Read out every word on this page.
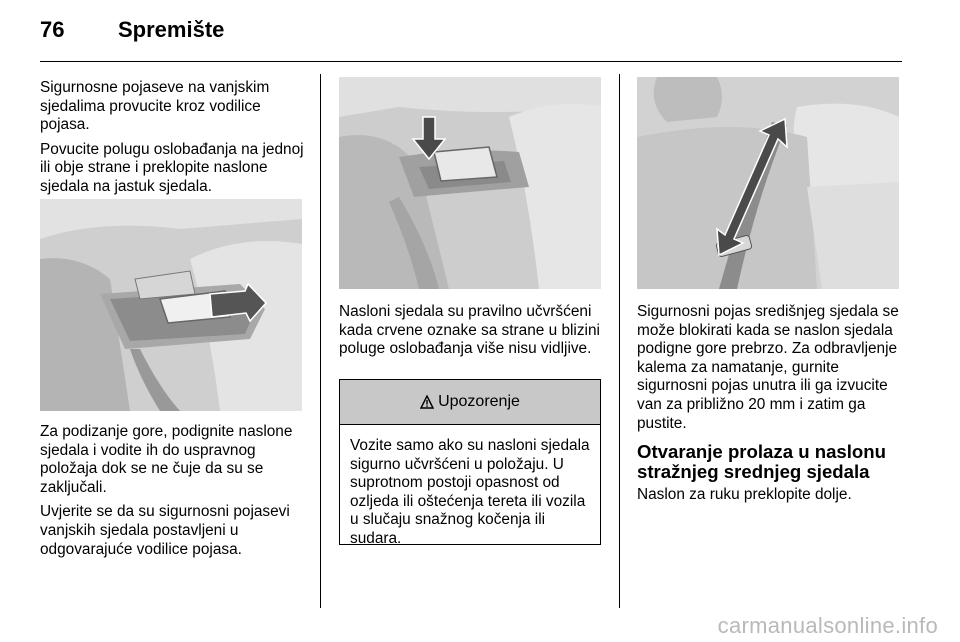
76 Spremište

Sigurnosne pojaseve na vanjskim sjedalima provucite kroz vodilice pojasa.

Povucite polugu oslobađanja na jednoj ili obje strane i preklopite naslone sjedala na jastuk sjedala.

Za podizanje gore, podignite naslone sjedala i vodite ih do uspravnog položaja dok se ne čuje da su se zaključali.

Uvjerite se da su sigurnosni pojasevi vanjskih sjedala postavljeni u odgovarajuće vodilice pojasa.

Nasloni sjedala su pravilno učvršćeni kada crvene oznake sa strane u blizini poluge oslobađanja više nisu vidljive.

Upozorenje
Vozite samo ako su nasloni sjedala sigurno učvršćeni u položaju. U suprotnom postoji opasnost od ozljeda ili oštećenja tereta ili vozila u slučaju snažnog kočenja ili sudara.

Sigurnosni pojas središnjeg sjedala se može blokirati kada se naslon sjedala podigne gore prebrzo. Za odbravljenje kalema za namatanje, gurnite sigurnosni pojas unutra ili ga izvucite van za približno 20 mm i zatim ga pustite.

Otvaranje prolaza u naslonu stražnjeg srednjeg sjedala

Naslon za ruku preklopite dolje.

carmanualsonline.info
